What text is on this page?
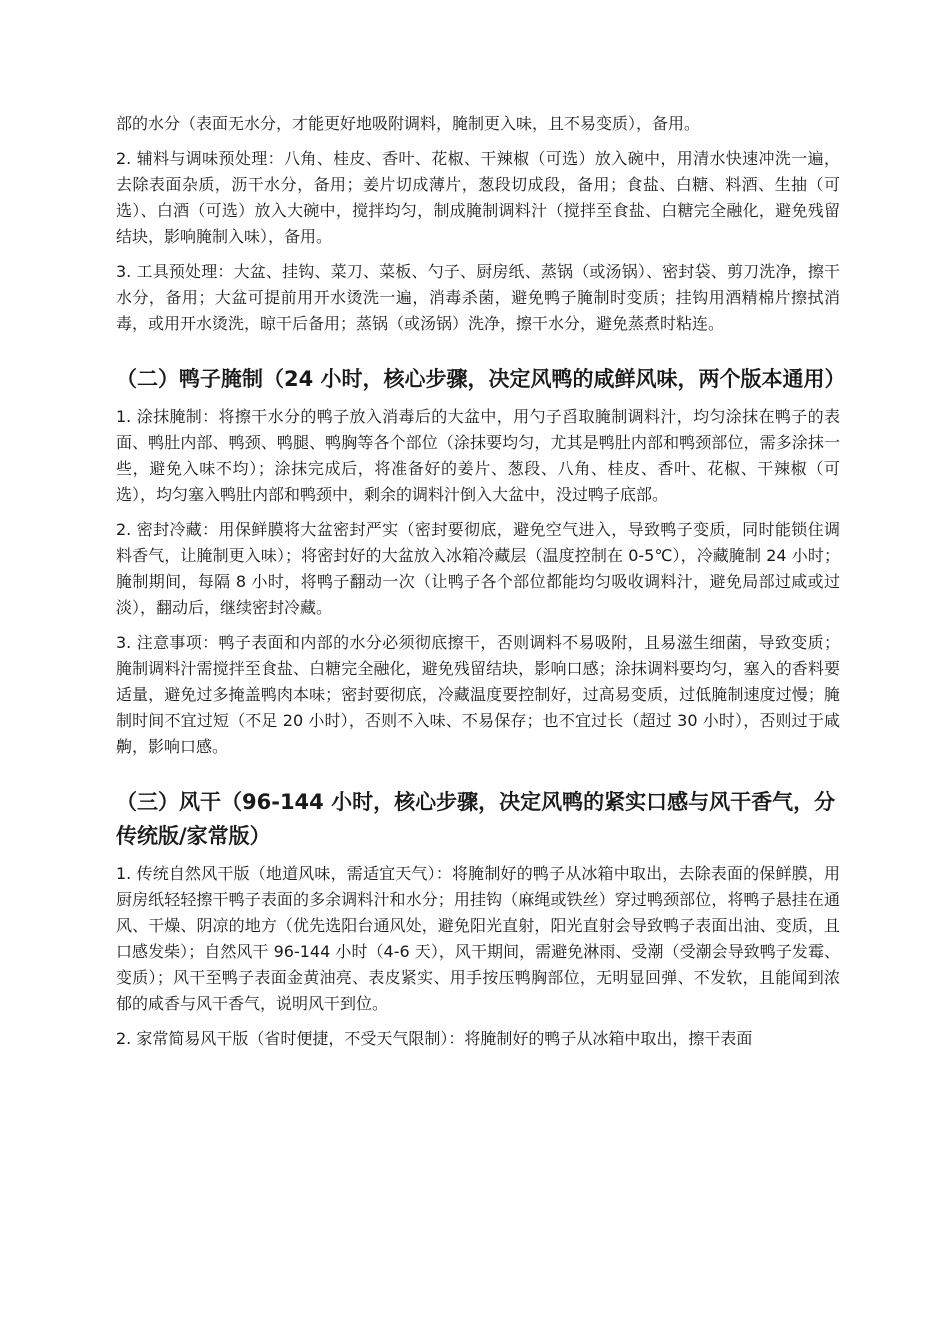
部的水分（表面无水分，才能更好地吸附调料，腌制更入味，且不易变质），备用。

2. 辅料与调味预处理：八角、桂皮、香叶、花椒、干辣椒（可选）放入碗中，用清水快速冲洗一遍，去除表面杂质，沥干水分，备用；姜片切成薄片，葱段切成段，备用；食盐、白糖、料酒、生抽（可选）、白酒（可选）放入大碗中，搅拌均匀，制成腌制调料汁（搅拌至食盐、白糖完全融化，避免残留结块，影响腌制入味），备用。

3. 工具预处理：大盆、挂钩、菜刀、菜板、勺子、厨房纸、蒸锅（或汤锅）、密封袋、剪刀洗净，擦干水分，备用；大盆可提前用开水烫洗一遍，消毒杀菌，避免鸭子腌制时变质；挂钩用酒精棉片擦拭消毒，或用开水烫洗，晾干后备用；蒸锅（或汤锅）洗净，擦干水分，避免蒸煮时粘连。

（二）鸭子腌制（24 小时，核心步骤，决定风鸭的咸鲜风味，两个版本通用）

1. 涂抹腌制：将擦干水分的鸭子放入消毒后的大盆中，用勺子舀取腌制调料汁，均匀涂抹在鸭子的表面、鸭肚内部、鸭颈、鸭腿、鸭胸等各个部位（涂抹要均匀，尤其是鸭肚内部和鸭颈部位，需多涂抹一些，避免入味不均）；涂抹完成后，将准备好的姜片、葱段、八角、桂皮、香叶、花椒、干辣椒（可选），均匀塞入鸭肚内部和鸭颈中，剩余的调料汁倒入大盆中，没过鸭子底部。

2. 密封冷藏：用保鲜膜将大盆密封严实（密封要彻底，避免空气进入，导致鸭子变质，同时能锁住调料香气，让腌制更入味）；将密封好的大盆放入冰箱冷藏层（温度控制在 0-5℃），冷藏腌制 24 小时；腌制期间，每隔 8 小时，将鸭子翻动一次（让鸭子各个部位都能均匀吸收调料汁，避免局部过咸或过淡），翻动后，继续密封冷藏。

3. 注意事项：鸭子表面和内部的水分必须彻底擦干，否则调料不易吸附，且易滋生细菌，导致变质；腌制调料汁需搅拌至食盐、白糖完全融化，避免残留结块，影响口感；涂抹调料要均匀，塞入的香料要适量，避免过多掩盖鸭肉本味；密封要彻底，冷藏温度要控制好，过高易变质，过低腌制速度过慢；腌制时间不宜过短（不足 20 小时），否则不入味、不易保存；也不宜过长（超过 30 小时），否则过于咸齁，影响口感。

（三）风干（96-144 小时，核心步骤，决定风鸭的紧实口感与风干香气，分传统版/家常版）

1. 传统自然风干版（地道风味，需适宜天气）：将腌制好的鸭子从冰箱中取出，去除表面的保鲜膜，用厨房纸轻轻擦干鸭子表面的多余调料汁和水分；用挂钩（麻绳或铁丝）穿过鸭颈部位，将鸭子悬挂在通风、干燥、阴凉的地方（优先选阳台通风处，避免阳光直射，阳光直射会导致鸭子表面出油、变质，且口感发柴）；自然风干 96-144 小时（4-6 天），风干期间，需避免淋雨、受潮（受潮会导致鸭子发霉、变质）；风干至鸭子表面金黄油亮、表皮紧实、用手按压鸭胸部位，无明显回弹、不发软，且能闻到浓郁的咸香与风干香气，说明风干到位。

2. 家常简易风干版（省时便捷，不受天气限制）：将腌制好的鸭子从冰箱中取出，擦干表面
